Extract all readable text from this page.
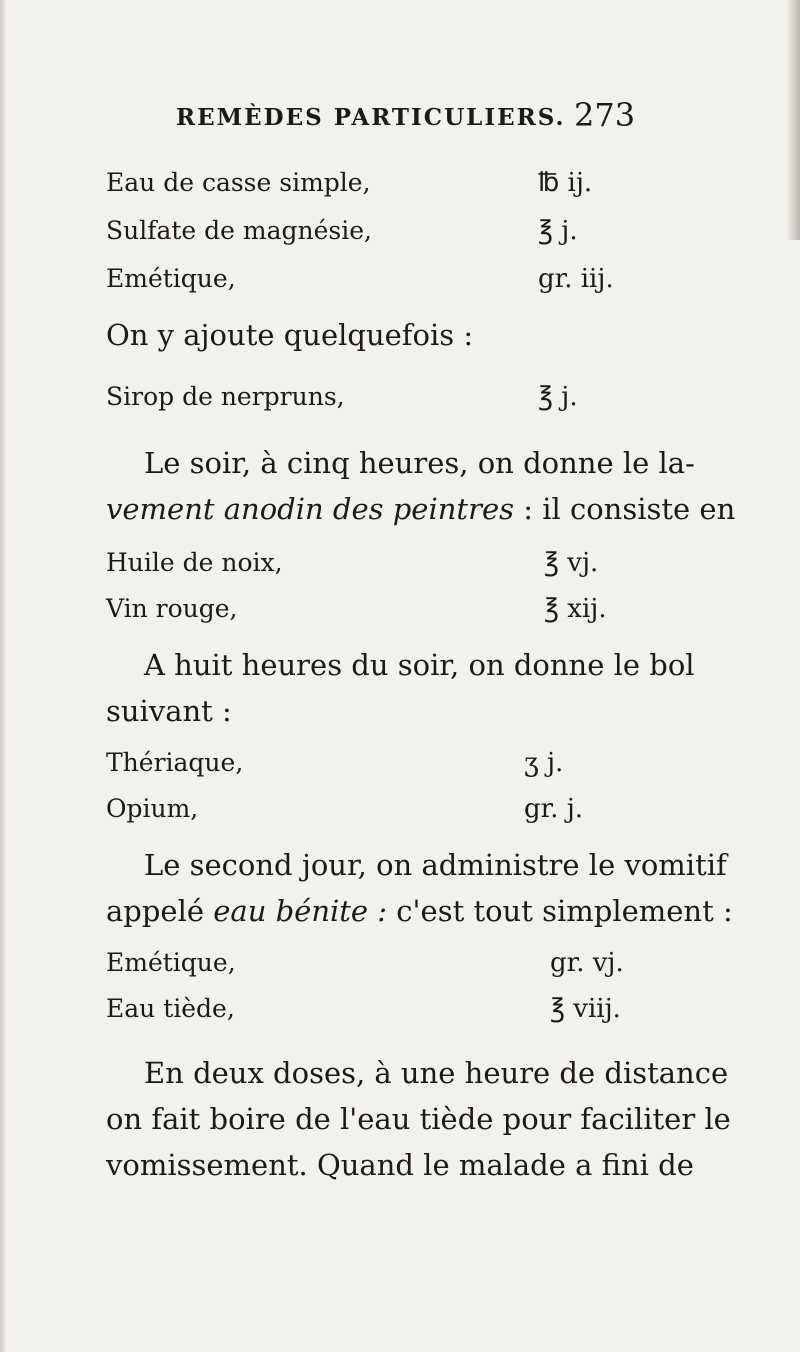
REMÈDES PARTICULIERS. 273
Eau de casse simple,	℔ ij.
Sulfate de magnésie,	℥ j.
Emétique,	gr. iij.
On y ajoute quelquefois :
Sirop de nerpruns,	℥ j.
Le soir, à cinq heures, on donne le la-
vement anodin des peintres : il consiste en
Huile de noix,	℥ vj.
Vin rouge,	℥ xij.
A huit heures du soir, on donne le bol
suivant :
Thériaque,	ʒ j.
Opium,	gr. j.
Le second jour, on administre le vomitif
appelé eau bénite : c'est tout simplement :
Emétique,	gr. vj.
Eau tiède,	℥ viij.
En deux doses, à une heure de distance
on fait boire de l'eau tiède pour faciliter le
vomissement. Quand le malade a fini de
